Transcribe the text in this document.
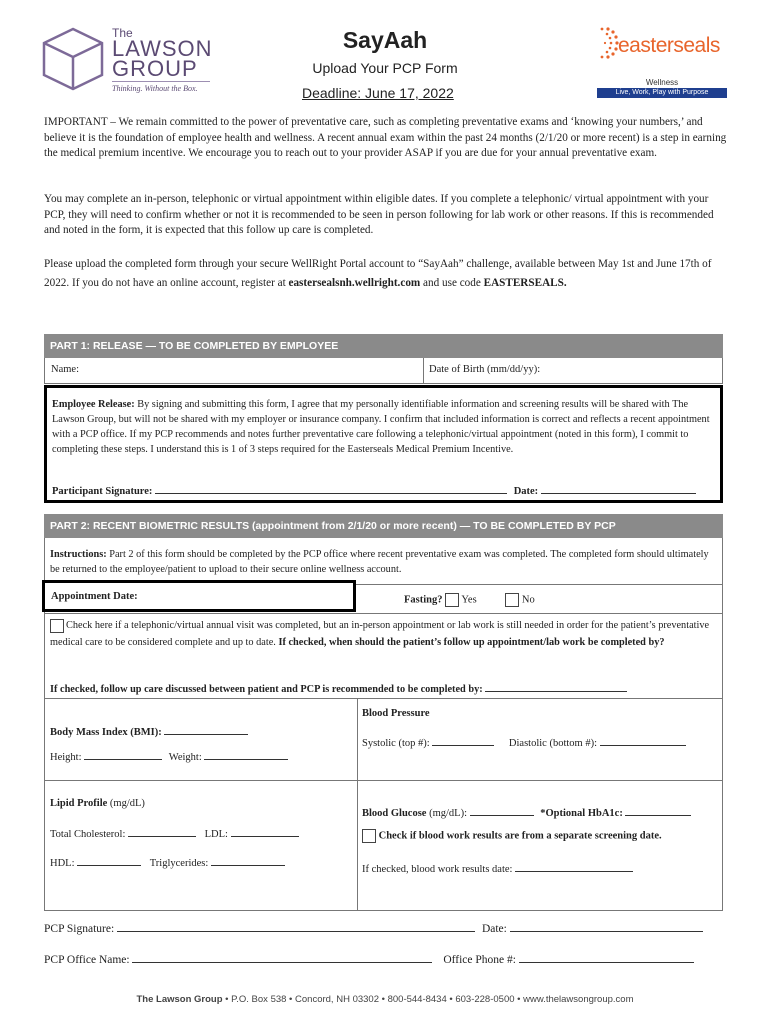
The
LAWSON
GROUP
Thinking. Without the Box.
SayAah
Upload Your PCP Form
Deadline: June 17, 2022
easterseals
Wellness
Live, Work, Play with Purpose
IMPORTANT – We remain committed to the power of preventative care, such as completing preventative exams and ‘knowing your numbers,’ and believe it is the foundation of employee health and wellness. A recent annual exam within the past 24 months (2/1/20 or more recent) is a step in earning the medical premium incentive. We encourage you to reach out to your provider ASAP if you are due for your annual preventative exam.
You may complete an in-person, telephonic or virtual appointment within eligible dates. If you complete a telephonic/ virtual appointment with your PCP, they will need to confirm whether or not it is recommended to be seen in person following for lab work or other reasons. If this is recommended and noted in the form, it is expected that this follow up care is completed.
Please upload the completed form through your secure WellRight Portal account to “SayAah” challenge, available between May 1st and June 17th of 2022. If you do not have an online account, register at eastersealsnh.wellright.com and use code EASTERSEALS.
PART 1: RELEASE — TO BE COMPLETED BY EMPLOYEE
Name:	Date of Birth (mm/dd/yy):
Employee Release: By signing and submitting this form, I agree that my personally identifiable information and screening results will be shared with The Lawson Group, but will not be shared with my employer or insurance company. I confirm that included information is correct and reflects a recent appointment with a PCP office. If my PCP recommends and notes further preventative care following a telephonic/virtual appointment (noted in this form), I commit to completing these steps. I understand this is 1 of 3 steps required for the Easterseals Medical Premium Incentive.
Participant Signature:	Date:
PART 2: RECENT BIOMETRIC RESULTS (appointment from 2/1/20 or more recent) — TO BE COMPLETED BY PCP
Instructions: Part 2 of this form should be completed by the PCP office where recent preventative exam was completed. The completed form should ultimately be returned to the employee/patient to upload to their secure online wellness account.
Fasting? Yes	No
Check here if a telephonic/virtual annual visit was completed, but an in-person appointment or lab work is still needed in order for the patient’s preventative medical care to be considered complete and up to date. If checked, when should the patient’s follow up appointment/lab work be completed by?
If checked, follow up care discussed between patient and PCP is recommended to be completed by:
Body Mass Index (BMI):
Height:	Weight:
Blood Pressure
Systolic (top #):	Diastolic (bottom #):
Lipid Profile (mg/dL)
Total Cholesterol:	LDL:
HDL:	Triglycerides:
Blood Glucose (mg/dL):	*Optional HbA1c:
Check if blood work results are from a separate screening date.
If checked, blood work results date:
Appointment Date:
PCP Signature:	Date:
PCP Office Name:	Office Phone #:
The Lawson Group • P.O. Box 538 • Concord, NH 03302 • 800-544-8434 • 603-228-0500 • www.thelawsongroup.com
